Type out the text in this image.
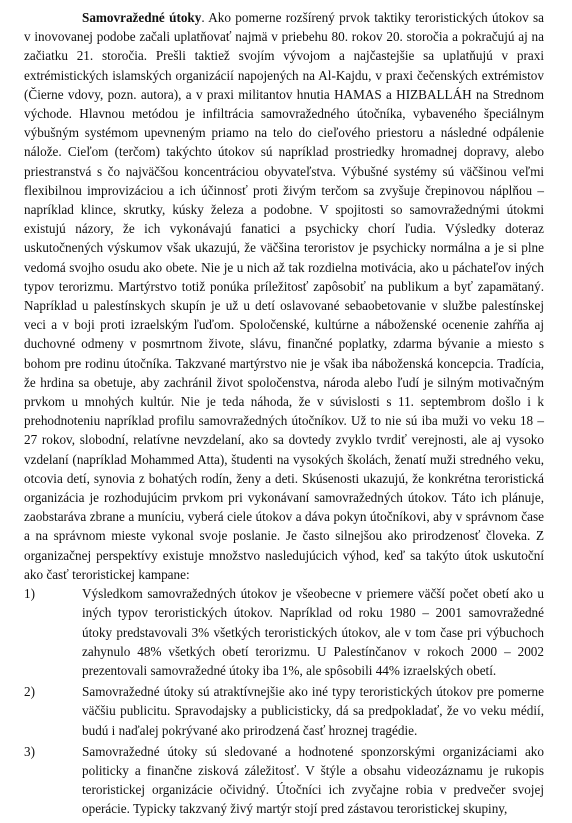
Samovražedné útoky. Ako pomerne rozšírený prvok taktiky teroristických útokov sa v inovovanej podobe začali uplatňovať najmä v priebehu 80. rokov 20. storočia a pokračujú aj na začiatku 21. storočia. Prešli taktiež svojím vývojom a najčastejšie sa uplatňujú v praxi extrémistických islamských organizácií napojených na Al-Kajdu, v praxi čečenských extrémistov (Čierne vdovy, pozn. autora), a v praxi militantov hnutia HAMAS a HIZBALLÁH na Strednom východe. Hlavnou metódou je infiltrácia samovražedného útočníka, vybaveného špeciálnym výbušným systémom upevneným priamo na telo do cieľového priestoru a následné odpálenie nálože. Cieľom (terčom) takýchto útokov sú napríklad prostriedky hromadnej dopravy, alebo priestranstvá s čo najväčšou koncentráciou obyvateľstva. Výbušné systémy sú väčšinou veľmi flexibilnou improvizáciou a ich účinnosť proti živým terčom sa zvyšuje črepinovou náplňou – napríklad klince, skrutky, kúsky železa a podobne. V spojitosti so samovražednými útokmi existujú názory, že ich vykonávajú fanatici a psychicky chorí ľudia. Výsledky doteraz uskutočnených výskumov však ukazujú, že väčšina teroristov je psychicky normálna a je si plne vedomá svojho osudu ako obete. Nie je u nich až tak rozdielna motivácia, ako u páchateľov iných typov terorizmu. Martýrstvo totiž ponúka príležitosť zapôsobiť na publikum a byť zapamätaný. Napríklad u palestínskych skupín je už u detí oslavované sebaobetovanie v službe palestínskej veci a v boji proti izraelským ľuďom. Spoločenské, kultúrne a náboženské ocenenie zahŕňa aj duchovné odmeny v posmrtnom živote, slávu, finančné poplatky, zdarma bývanie a miesto s bohom pre rodinu útočníka. Takzvané martýrstvo nie je však iba náboženská koncepcia. Tradícia, že hrdina sa obetuje, aby zachránil život spoločenstva, národa alebo ľudí je silným motivačným prvkom u mnohých kultúr. Nie je teda náhoda, že v súvislosti s 11. septembrom došlo i k prehodnoteniu napríklad profilu samovražedných útočníkov. Už to nie sú iba muži vo veku 18 – 27 rokov, slobodní, relatívne nevzdelaní, ako sa dovtedy zvyklo tvrdiť verejnosti, ale aj vysoko vzdelaní (napríklad Mohammed Atta), študenti na vysokých školách, ženatí muži stredného veku, otcovia detí, synovia z bohatých rodín, ženy a deti. Skúsenosti ukazujú, že konkrétna teroristická organizácia je rozhodujúcim prvkom pri vykonávaní samovražedných útokov. Táto ich plánuje, zaobstaráva zbrane a muníciu, vyberá ciele útokov a dáva pokyn útočníkovi, aby v správnom čase a na správnom mieste vykonal svoje poslanie. Je často silnejšou ako prirodzenosť človeka. Z organizačnej perspektívy existuje množstvo nasledujúcich výhod, keď sa takýto útok uskutoční ako časť teroristickej kampane:

1)	Výsledkom samovražedných útokov je všeobecne v priemere väčší počet obetí ako u iných typov teroristických útokov. Napríklad od roku 1980 – 2001 samovražedné útoky predstavovali 3% všetkých teroristických útokov, ale v tom čase pri výbuchoch zahynulo 48% všetkých obetí terorizmu. U Palestínčanov v rokoch 2000 – 2002 prezentovali samovražedné útoky iba 1%, ale spôsobili 44% izraelských obetí.
2)	Samovražedné útoky sú atraktívnejšie ako iné typy teroristických útokov pre pomerne väčšiu publicitu. Spravodajsky a publicisticky, dá sa predpokladať, že vo veku médií, budú i naďalej pokrývané ako prirodzená časť hroznej tragédie.
3)	Samovražedné útoky sú sledované a hodnotené sponzorskými organizáciami ako politicky a finančne zisková záležitosť. V štýle a obsahu videozáznamu je rukopis teroristickej organizácie očividný. Útočníci ich zvyčajne robia v predvečer svojej operácie. Typicky takzvaný živý martýr stojí pred zástavou teroristickej skupiny,
